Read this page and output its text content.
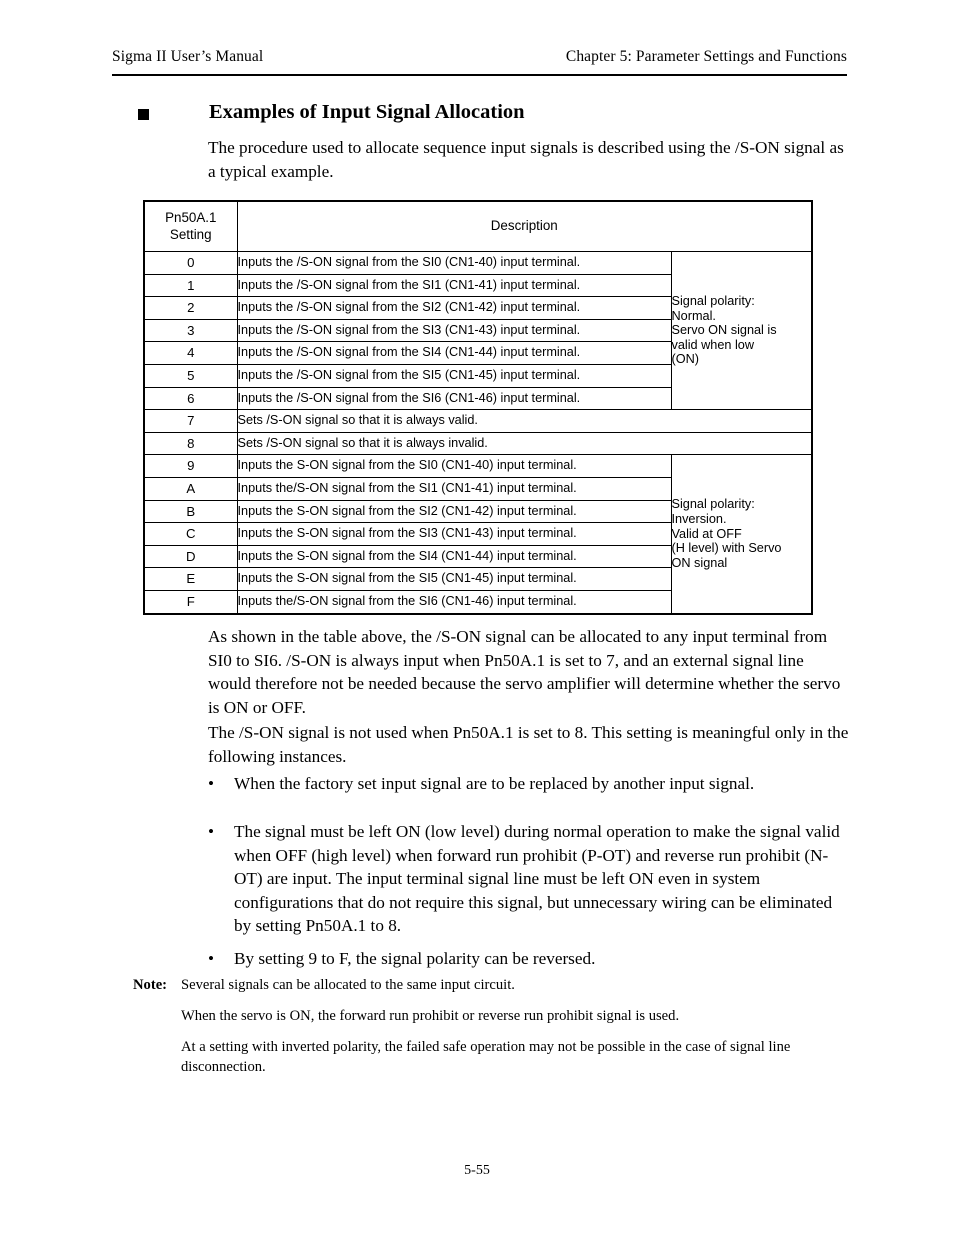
Sigma II User’s Manual	Chapter 5: Parameter Settings and Functions
Examples of Input Signal Allocation
The procedure used to allocate sequence input signals is described using the /S-ON signal as a typical example.
Pn50A.1
Setting	Description	
0	Inputs the /S-ON signal from the SI0 (CN1-40) input terminal.	Signal polarity:
Normal.
Servo ON signal is
valid when low
(ON)

1	Inputs the /S-ON signal from the SI1 (CN1-41) input terminal.	
2	Inputs the /S-ON signal from the SI2 (CN1-42) input terminal.	
3	Inputs the /S-ON signal from the SI3 (CN1-43) input terminal.	
4	Inputs the /S-ON signal from the SI4 (CN1-44) input terminal.	
5	Inputs the /S-ON signal from the SI5 (CN1-45) input terminal.	
6	Inputs the /S-ON signal from the SI6 (CN1-46) input terminal.	
7	Sets /S-ON signal so that it is always valid.	
8	Sets /S-ON signal so that it is always invalid.	
9	Inputs the S-ON signal from the SI0 (CN1-40) input terminal.	Signal polarity:
Inversion.
Valid at OFF
(H level) with Servo
ON signal

A	Inputs the/S-ON signal from the SI1 (CN1-41) input terminal.	
B	Inputs the S-ON signal from the SI2 (CN1-42) input terminal.	
C	Inputs the S-ON signal from the SI3 (CN1-43) input terminal.	
D	Inputs the S-ON signal from the SI4 (CN1-44) input terminal.	
E	Inputs the S-ON signal from the SI5 (CN1-45) input terminal.	
F	Inputs the/S-ON signal from the SI6 (CN1-46) input terminal.	
As shown in the table above, the /S-ON signal can be allocated to any input terminal from SI0 to SI6. /S-ON is always input when Pn50A.1 is set to 7, and an external signal line would therefore not be needed because the servo amplifier will determine whether the servo is ON or OFF.
The /S-ON signal is not used when Pn50A.1 is set to 8. This setting is meaningful only in the following instances.
•	When the factory set input signal are to be replaced by another input signal.
•	The signal must be left ON (low level) during normal operation to make the signal valid when OFF (high level) when forward run prohibit (P-OT) and reverse run prohibit (N-OT) are input. The input terminal signal line must be left ON even in system configurations that do not require this signal, but unnecessary wiring can be eliminated by setting Pn50A.1 to 8.
•	By setting 9 to F, the signal polarity can be reversed.
Note: Several signals can be allocated to the same input circuit.
When the servo is ON, the forward run prohibit or reverse run prohibit signal is used.
At a setting with inverted polarity, the failed safe operation may not be possible in the case of signal line disconnection.
5-55
